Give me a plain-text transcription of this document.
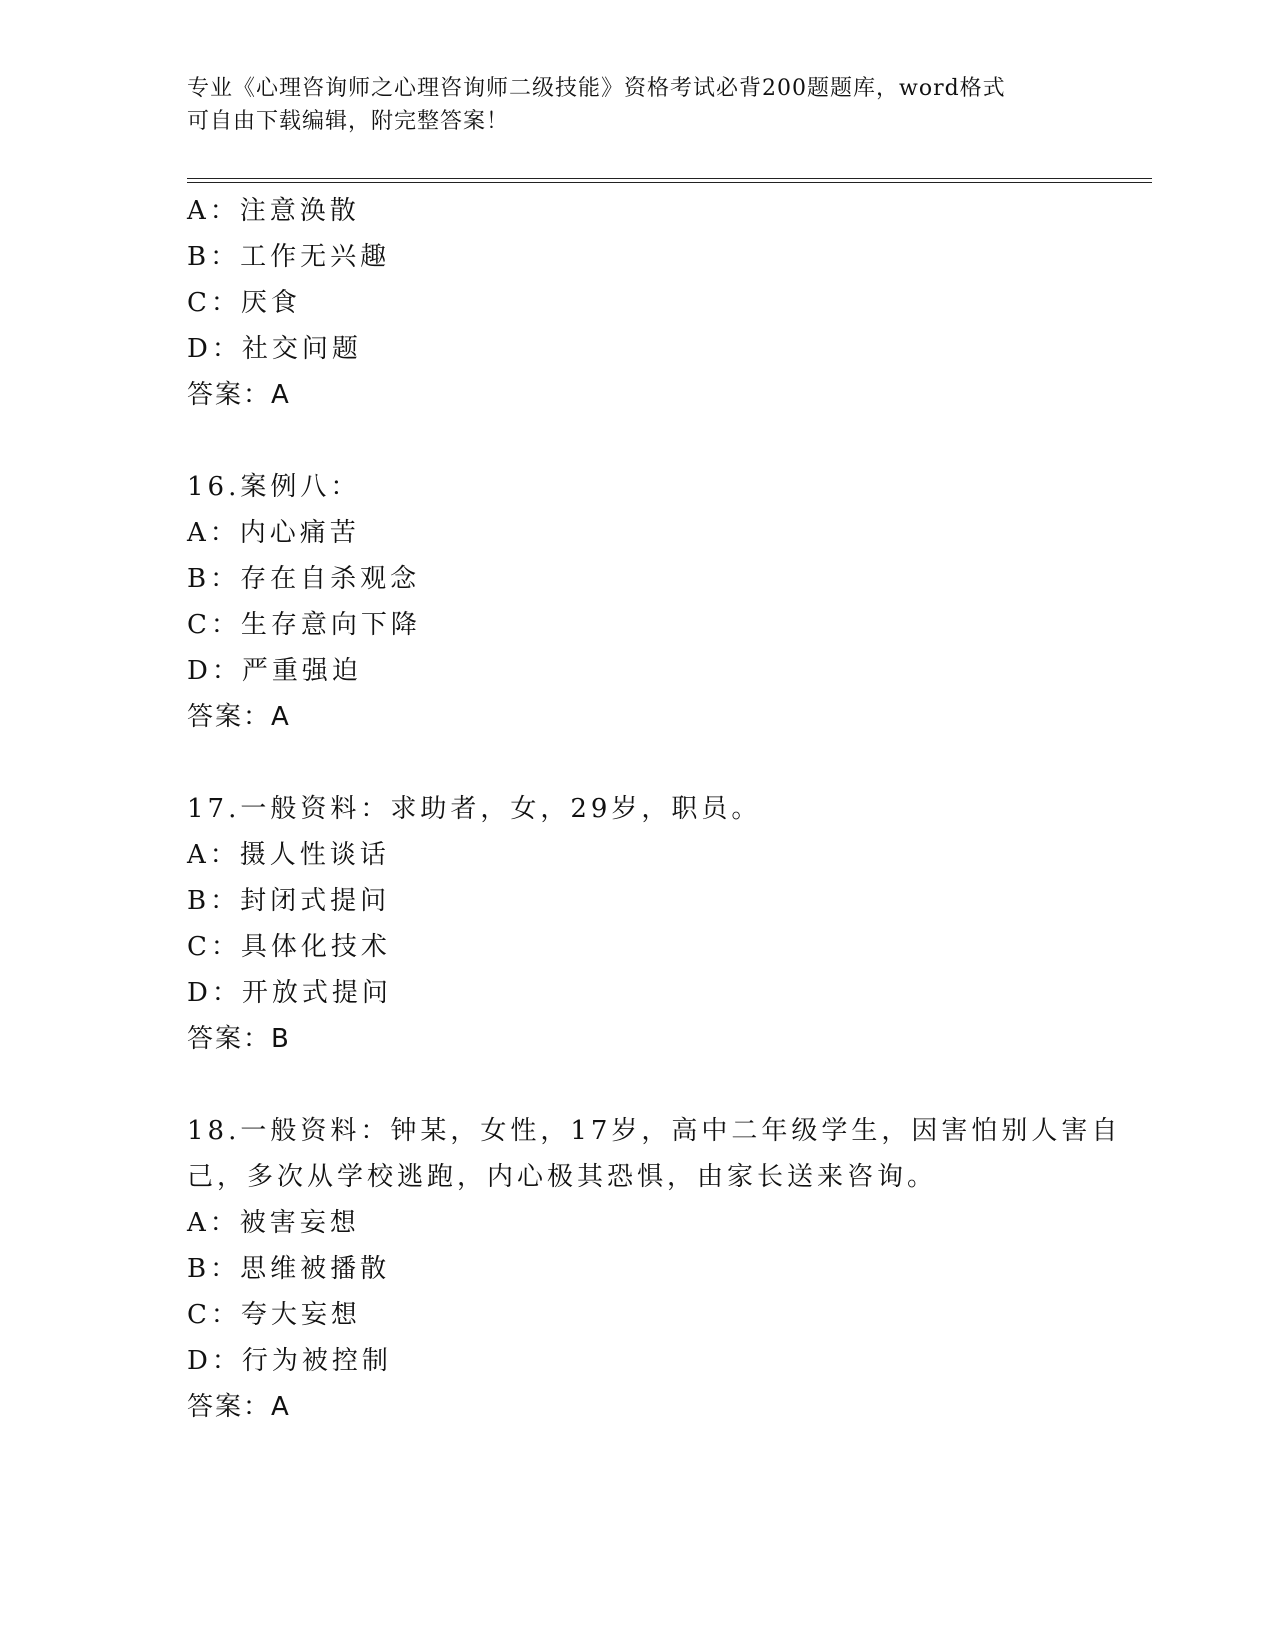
专业《心理咨询师之心理咨询师二级技能》资格考试必背200题题库，word格式
可自由下载编辑，附完整答案！
A：注意涣散
B：工作无兴趣
C：厌食
D：社交问题
答案：A
16.案例八：
A：内心痛苦
B：存在自杀观念
C：生存意向下降
D：严重强迫
答案：A
17.一般资料：求助者，女，29岁，职员。
A：摄人性谈话
B：封闭式提问
C：具体化技术
D：开放式提问
答案：B
18.一般资料：钟某，女性，17岁，高中二年级学生，因害怕别人害自
己，多次从学校逃跑，内心极其恐惧，由家长送来咨询。
A：被害妄想
B：思维被播散
C：夸大妄想
D：行为被控制
答案：A
